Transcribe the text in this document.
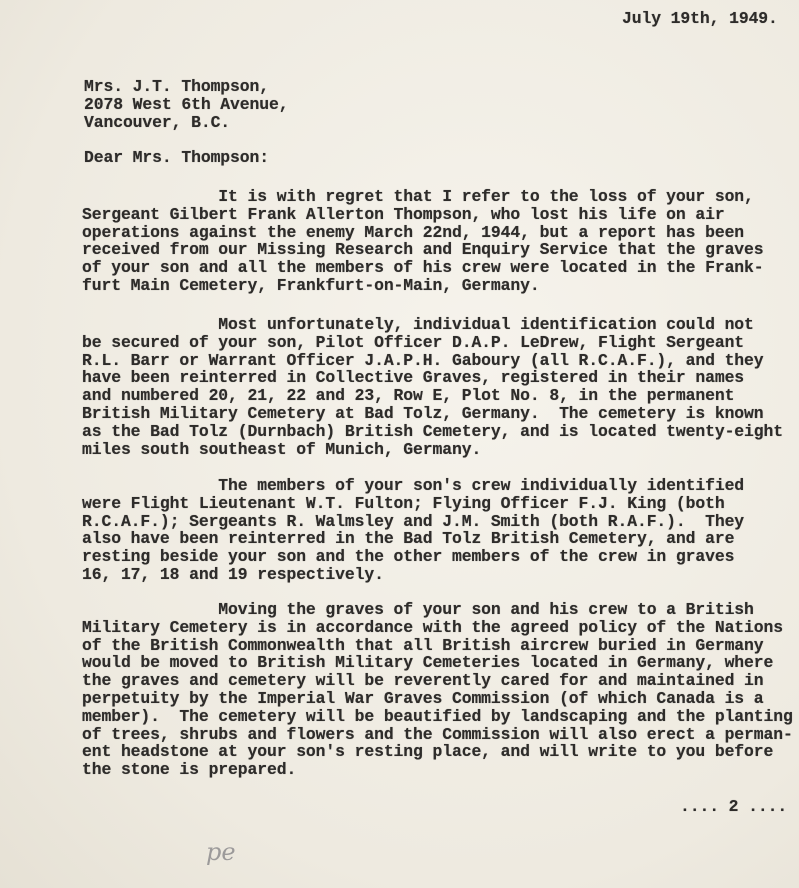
July 19th, 1949.
Mrs. J.T. Thompson,
2078 West 6th Avenue,
Vancouver, B.C.
Dear Mrs. Thompson:
It is with regret that I refer to the loss of your son,
Sergeant Gilbert Frank Allerton Thompson, who lost his life on air
operations against the enemy March 22nd, 1944, but a report has been
received from our Missing Research and Enquiry Service that the graves
of your son and all the members of his crew were located in the Frank-
furt Main Cemetery, Frankfurt-on-Main, Germany.
Most unfortunately, individual identification could not
be secured of your son, Pilot Officer D.A.P. LeDrew, Flight Sergeant
R.L. Barr or Warrant Officer J.A.P.H. Gaboury (all R.C.A.F.), and they
have been reinterred in Collective Graves, registered in their names
and numbered 20, 21, 22 and 23, Row E, Plot No. 8, in the permanent
British Military Cemetery at Bad Tolz, Germany.  The cemetery is known
as the Bad Tolz (Durnbach) British Cemetery, and is located twenty-eight
miles south southeast of Munich, Germany.
The members of your son's crew individually identified
were Flight Lieutenant W.T. Fulton; Flying Officer F.J. King (both
R.C.A.F.); Sergeants R. Walmsley and J.M. Smith (both R.A.F.).  They
also have been reinterred in the Bad Tolz British Cemetery, and are
resting beside your son and the other members of the crew in graves
16, 17, 18 and 19 respectively.
Moving the graves of your son and his crew to a British
Military Cemetery is in accordance with the agreed policy of the Nations
of the British Commonwealth that all British aircrew buried in Germany
would be moved to British Military Cemeteries located in Germany, where
the graves and cemetery will be reverently cared for and maintained in
perpetuity by the Imperial War Graves Commission (of which Canada is a
member).  The cemetery will be beautified by landscaping and the planting
of trees, shrubs and flowers and the Commission will also erect a perman-
ent headstone at your son's resting place, and will write to you before
the stone is prepared.
.... 2 ....
pe
